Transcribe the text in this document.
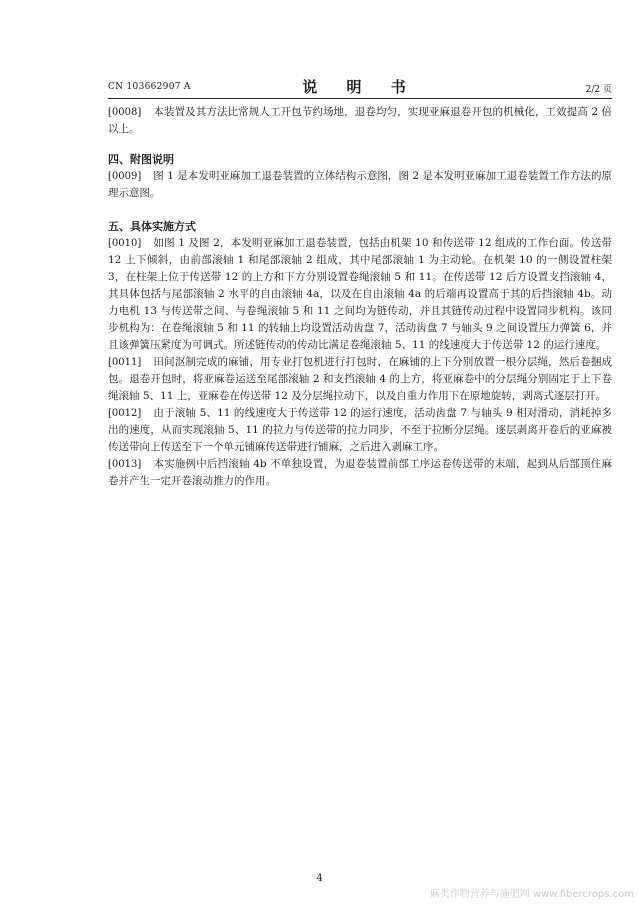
CN 103662907 A	说 明 书	2/2 页

[0008] 本装置及其方法比常规人工开包节约场地，退卷均匀，实现亚麻退卷开包的机械化，工效提高 2 倍以上。

四、附图说明

[0009] 图 1 是本发明亚麻加工退卷装置的立体结构示意图，图 2 是本发明亚麻加工退卷装置工作方法的原理示意图。

五、具体实施方式

[0010] 如图 1 及图 2，本发明亚麻加工退卷装置，包括由机架 10 和传送带 12 组成的工作台面。传送带 12 上下倾斜，由前部滚轴 1 和尾部滚轴 2 组成，其中尾部滚轴 1 为主动轮。在机架 10 的一侧设置柱架 3，在柱架上位于传送带 12 的上方和下方分别设置卷绳滚轴 5 和 11。在传送带 12 后方设置支挡滚轴 4，其具体包括与尾部滚轴 2 水平的自由滚轴 4a，以及在自由滚轴 4a 的后端再设置高于其的后挡滚轴 4b。动力电机 13 与传送带之间、与卷绳滚轴 5 和 11 之间均为链传动，并且其链传动过程中设置同步机构。该同步机构为：在卷绳滚轴 5 和 11 的转轴上均设置活动齿盘 7，活动齿盘 7 与轴头 9 之间设置压力弹簧 6，并且该弹簧压紧度为可调式。所述链传动的传动比满足卷绳滚轴 5、11 的线速度大于传送带 12 的运行速度。

[0011] 田间沤制完成的麻铺，用专业打包机进行打包时，在麻铺的上下分别放置一根分层绳，然后卷捆成包。退卷开包时，将亚麻卷运送至尾部滚轴 2 和支挡滚轴 4 的上方，将亚麻卷中的分层绳分别固定于上下卷绳滚轴 5、11 上，亚麻卷在传送带 12 及分层绳拉动下，以及自重力作用下在原地旋转，剥离式逐层打开。

[0012] 由于滚轴 5、11 的线速度大于传送带 12 的运行速度，活动齿盘 7 与轴头 9 相对滑动，消耗掉多出的速度，从而实现滚轴 5、11 的拉力与传送带的拉力同步，不至于拉断分层绳。逐层剥离开卷后的亚麻被传送带向上传送至下一个单元铺麻传送带进行铺麻，之后进入剥麻工序。

[0013] 本实施例中后挡滚轴 4b 不单独设置，为退卷装置前部工序运卷传送带的末端，起到从后部顶住麻卷并产生一定开卷滚动推力的作用。

4
麻类作物营养与施肥网 www.fibercrops.com
